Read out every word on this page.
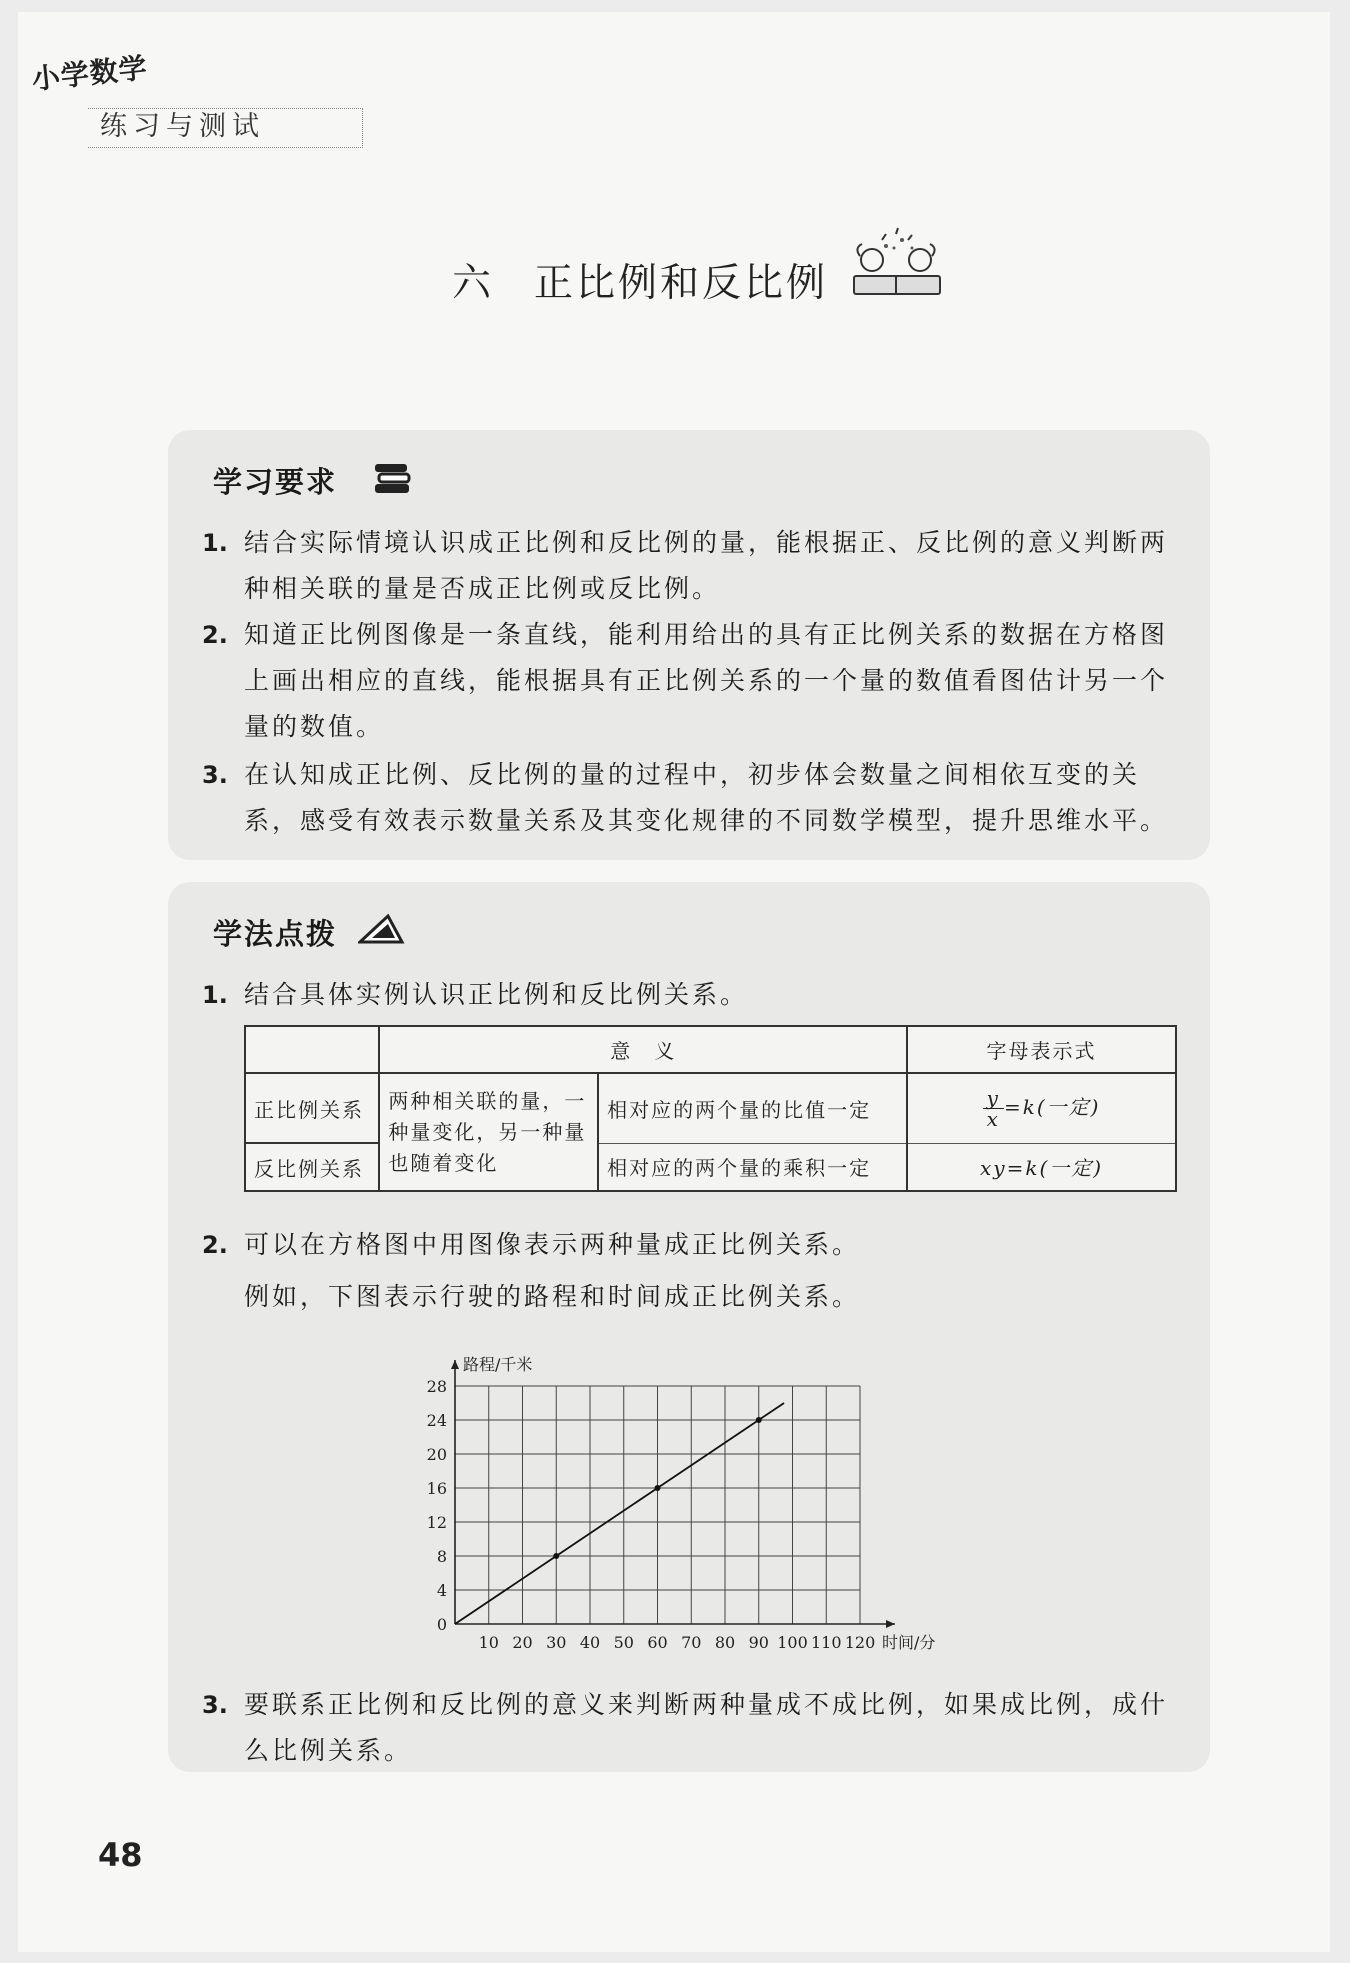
小学数学
练习与测试
六 正比例和反比例
学习要求
1. 结合实际情境认识成正比例和反比例的量，能根据正、反比例的意义判断两种相关联的量是否成正比例或反比例。
2. 知道正比例图像是一条直线，能利用给出的具有正比例关系的数据在方格图上画出相应的直线，能根据具有正比例关系的一个量的数值看图估计另一个量的数值。
3. 在认知成正比例、反比例的量的过程中，初步体会数量之间相依互变的关系，感受有效表示数量关系及其变化规律的不同数学模型，提升思维水平。
学法点拨
1. 结合具体实例认识正比例和反比例关系。
	意　义		字母表示式
正比例关系	两种相关联的量，一种量变化，另一种量也随着变化	相对应的两个量的比值一定	$\frac{y}{x} =k$(一定)
反比例关系		相对应的两个量的乘积一定	xy=k(一定)
2. 可以在方格图中用图像表示两种量成正比例关系。
例如，下图表示行驶的路程和时间成正比例关系。
3. 要联系正比例和反比例的意义来判断两种量成不成比例，如果成比例，成什么比例关系。
10 20 30 40 50 60 70 80 90 100 110 120
0
4
8
12
16
20
24
28
路程/千米
时间/分
48
